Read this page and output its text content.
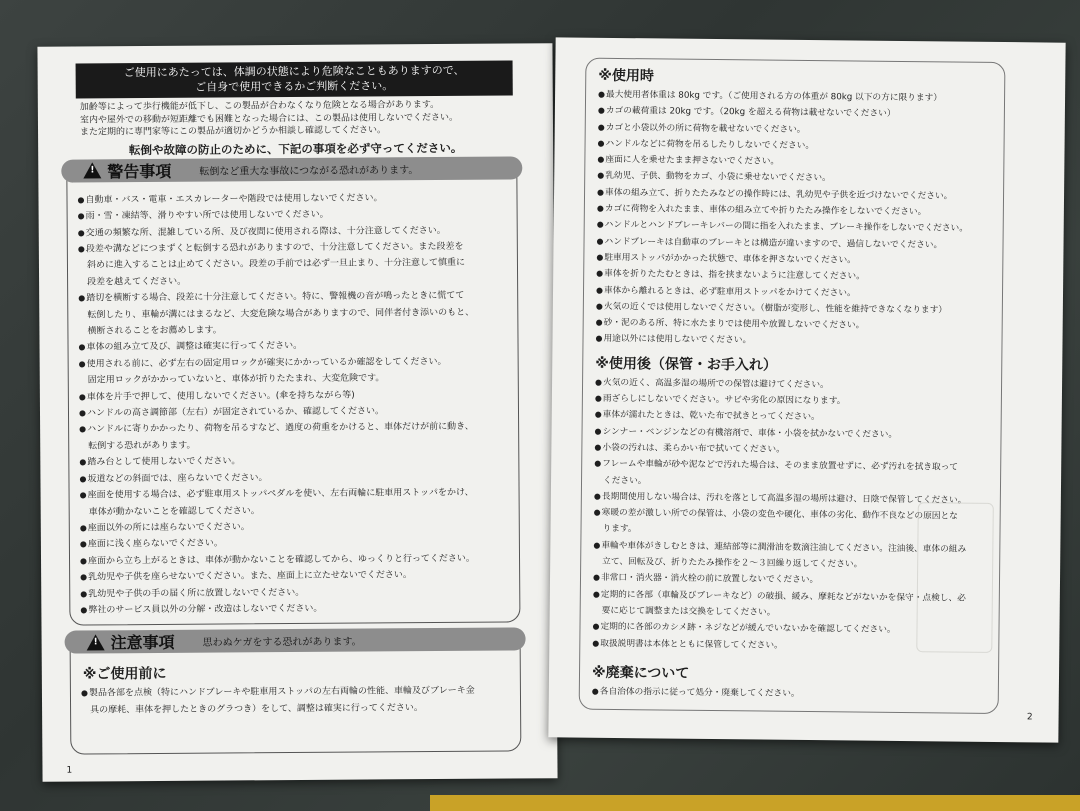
ご使用にあたっては、体調の状態により危険なこともありますので、
ご自身で使用できるかご判断ください。
加齢等によって歩行機能が低下し、この製品が合わなくなり危険となる場合があります。
室内や屋外での移動が短距離でも困難となった場合には、この製品は使用しないでください。
また定期的に専門家等にこの製品が適切かどうか相談し確認してください。
転倒や故障の防止のために、下記の事項を必ず守ってください。
!
警告事項	転倒など重大な事故につながる恐れがあります。
● 自動車・バス・電車・エスカレーターや階段では使用しないでください。
● 雨・雪・凍結等、滑りやすい所では使用しないでください。
● 交通の頻繁な所、混雑している所、及び夜間に使用される際は、十分注意してください。
● 段差や溝などにつまずくと転倒する恐れがありますので、十分注意してください。また段差を
斜めに進入することは止めてください。段差の手前では必ず一旦止まり、十分注意して慎重に
段差を越えてください。
● 踏切を横断する場合、段差に十分注意してください。特に、警報機の音が鳴ったときに慌てて
転倒したり、車輪が溝にはまるなど、大変危険な場合がありますので、同伴者付き添いのもと、
横断されることをお薦めします。
● 車体の組み立て及び、調整は確実に行ってください。
● 使用される前に、必ず左右の固定用ロックが確実にかかっているか確認をしてください。
固定用ロックがかかっていないと、車体が折りたたまれ、大変危険です。
● 車体を片手で押して、使用しないでください。(傘を持ちながら等)
● ハンドルの高さ調節部（左右）が固定されているか、確認してください。
● ハンドルに寄りかかったり、荷物を吊るすなど、過度の荷重をかけると、車体だけが前に動き、
転倒する恐れがあります。
● 踏み台として使用しないでください。
● 坂道などの斜面では、座らないでください。
● 座面を使用する場合は、必ず駐車用ストッパペダルを使い、左右両輪に駐車用ストッパをかけ、
車体が動かないことを確認してください。
● 座面以外の所には座らないでください。
● 座面に浅く座らないでください。
● 座面から立ち上がるときは、車体が動かないことを確認してから、ゆっくりと行ってください。
● 乳幼児や子供を座らせないでください。また、座面上に立たせないでください。
● 乳幼児や子供の手の届く所に放置しないでください。
● 弊社のサービス員以外の分解・改造はしないでください。
!
注意事項	思わぬケガをする恐れがあります。
※ご使用前に
● 製品各部を点検（特にハンドブレーキや駐車用ストッパの左右両輪の性能、車輪及びブレーキ金
具の摩耗、車体を押したときのグラつき）をして、調整は確実に行ってください。
1
※使用時
● 最大使用者体重は 80kg です。（ご使用される方の体重が 80kg 以下の方に限ります）
● カゴの載荷重は 20kg です。（20kg を超える荷物は載せないでください）
● カゴと小袋以外の所に荷物を載せないでください。
● ハンドルなどに荷物を吊るしたりしないでください。
● 座面に人を乗せたまま押さないでください。
● 乳幼児、子供、動物をカゴ、小袋に乗せないでください。
● 車体の組み立て、折りたたみなどの操作時には、乳幼児や子供を近づけないでください。
● カゴに荷物を入れたまま、車体の組み立てや折りたたみ操作をしないでください。
● ハンドルとハンドブレーキレバーの間に指を入れたまま、ブレーキ操作をしないでください。
● ハンドブレーキは自動車のブレーキとは構造が違いますので、過信しないでください。
● 駐車用ストッパがかかった状態で、車体を押さないでください。
● 車体を折りたたむときは、指を挟まないように注意してください。
● 車体から離れるときは、必ず駐車用ストッパをかけてください。
● 火気の近くでは使用しないでください。（樹脂が変形し、性能を維持できなくなります）
● 砂・泥のある所、特に水たまりでは使用や放置しないでください。
● 用途以外には使用しないでください。
※使用後（保管・お手入れ）
● 火気の近く、高温多湿の場所での保管は避けてください。
● 雨ざらしにしないでください。サビや劣化の原因になります。
● 車体が濡れたときは、乾いた布で拭きとってください。
● シンナー・ベンジンなどの有機溶剤で、車体・小袋を拭かないでください。
● 小袋の汚れは、柔らかい布で拭いてください。
● フレームや車輪が砂や泥などで汚れた場合は、そのまま放置せずに、必ず汚れを拭き取って
ください。
● 長期間使用しない場合は、汚れを落として高温多湿の場所は避け、日陰で保管してください。
● 寒暖の差が激しい所での保管は、小袋の変色や硬化、車体の劣化、動作不良などの原因とな
ります。
● 車輪や車体がきしむときは、連結部等に潤滑油を数滴注油してください。注油後、車体の組み
立て、回転及び、折りたたみ操作を２～３回繰り返してください。
● 非常口・消火器・消火栓の前に放置しないでください。
● 定期的に各部（車輪及びブレーキなど）の破損、緩み、摩耗などがないかを保守・点検し、必
要に応じて調整または交換をしてください。
● 定期的に各部のカシメ跡・ネジなどが緩んでいないかを確認してください。
● 取扱説明書は本体とともに保管してください。
※廃棄について
● 各自治体の指示に従って処分・廃棄してください。
2
